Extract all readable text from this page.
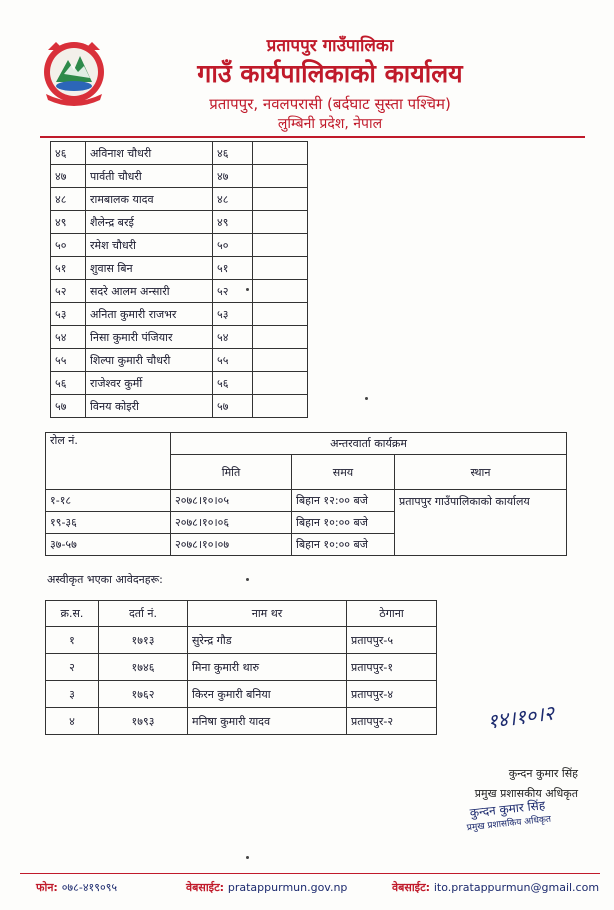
प्रतापपुर गाउँपालिका
गाउँ कार्यपालिकाको कार्यालय
प्रतापपुर, नवलपरासी (बर्दघाट सुस्ता पश्चिम)
लुम्बिनी प्रदेश, नेपाल
४६	अविनाश चौधरी	४६	
४७	पार्वती चौधरी	४७	
४८	रामबालक यादव	४८	
४९	शैलेन्द्र बरई	४९	
५०	रमेश चौधरी	५०	
५१	शुवास बिन	५१	
५२	सदरे आलम अन्सारी	५२	
५३	अनिता कुमारी राजभर	५३	
५४	निसा कुमारी पंजियार	५४	
५५	शिल्पा कुमारी चौधरी	५५	
५६	राजेश्वर कुर्मी	५६	
५७	विनय कोइरी	५७	
रोल नं.	अन्तरवार्ता कार्यक्रम		
	मिति	समय	स्थान
१-१८	२०७८।१०।०५	बिहान १२:०० बजे	प्रतापपुर गाउँपालिकाको कार्यालय
१९-३६	२०७८।१०।०६	बिहान १०:०० बजे	
३७-५७	२०७८।१०।०७	बिहान १०:०० बजे	
अस्वीकृत भएका आवेदनहरू:
क्र.स.	दर्ता नं.	नाम थर	ठेगाना
१	१७१३	सुरेन्द्र गौड	प्रतापपुर-५
२	१७४६	मिना कुमारी थारु	प्रतापपुर-१
३	१७६२	किरन कुमारी बनिया	प्रतापपुर-४
४	१७९३	मनिषा कुमारी यादव	प्रतापपुर-२	१४।१०।२
कुन्दन कुमार सिंह
प्रमुख प्रशासकीय अधिकृत
कुन्दन कुमार सिंह
प्रमुख प्रशासकिय अधिकृत
फोन: ०७८-४१९०९५	वेबसाईट: pratappurmun.gov.np	वेबसाईट: ito.pratappurmun@gmail.com
